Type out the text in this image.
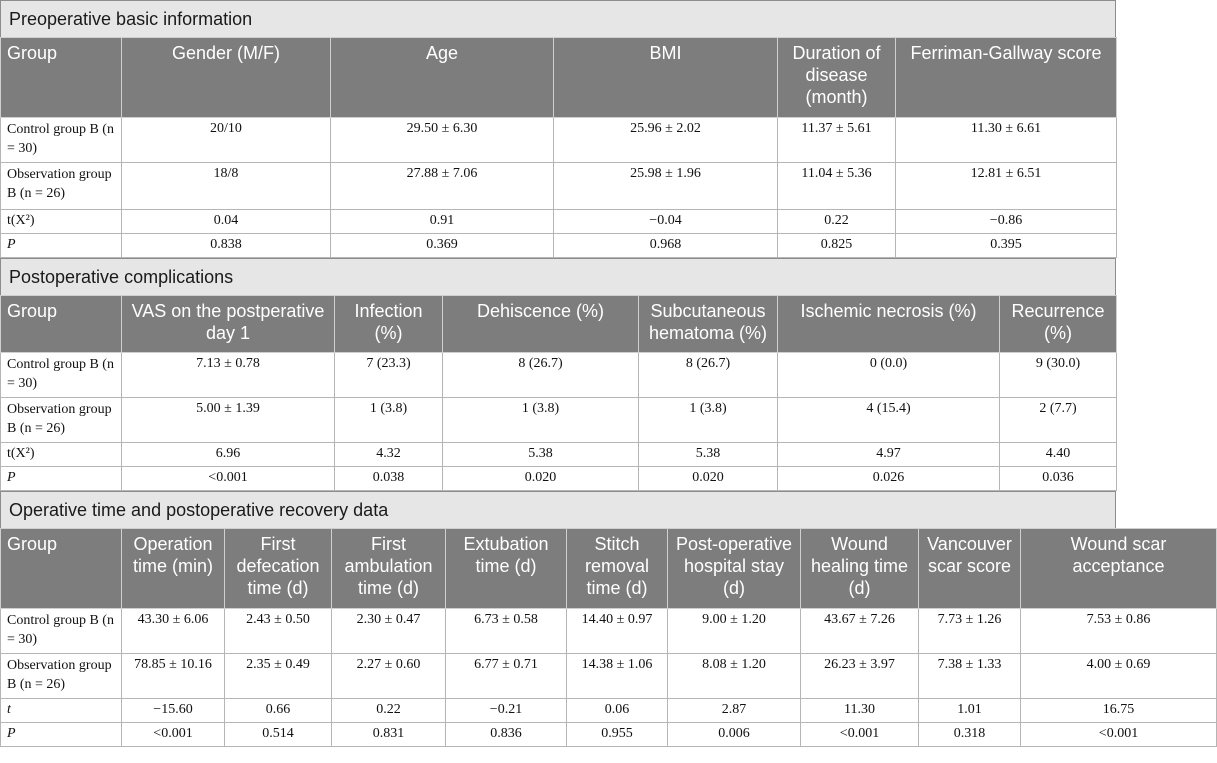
Preoperative basic information
Group	Gender (M/F)	Age	BMI	Duration of disease (month)	Ferriman-Gallway score
Control group B (n = 30)	20/10	29.50 ± 6.30	25.96 ± 2.02	11.37 ± 5.61	11.30 ± 6.61
Observation group B (n = 26)	18/8	27.88 ± 7.06	25.98 ± 1.96	11.04 ± 5.36	12.81 ± 6.51
t(X²)	0.04	0.91	−0.04	0.22	−0.86
P	0.838	0.369	0.968	0.825	0.395
Postoperative complications
Group	VAS on the postperative day 1	Infection (%)	Dehiscence (%)	Subcutaneous hematoma (%)	Ischemic necrosis (%)	Recurrence (%)
Control group B (n = 30)	7.13 ± 0.78	7 (23.3)	8 (26.7)	8 (26.7)	0 (0.0)	9 (30.0)
Observation group B (n = 26)	5.00 ± 1.39	1 (3.8)	1 (3.8)	1 (3.8)	4 (15.4)	2 (7.7)
t(X²)	6.96	4.32	5.38	5.38	4.97	4.40
P	<0.001	0.038	0.020	0.020	0.026	0.036
Operative time and postoperative recovery data
Group	Operation time (min)	First defecation time (d)	First ambulation time (d)	Extubation time (d)	Stitch removal time (d)	Post-operative hospital stay (d)	Wound healing time (d)	Vancouver scar score	Wound scar acceptance
Control group B (n = 30)	43.30 ± 6.06	2.43 ± 0.50	2.30 ± 0.47	6.73 ± 0.58	14.40 ± 0.97	9.00 ± 1.20	43.67 ± 7.26	7.73 ± 1.26	7.53 ± 0.86
Observation group B (n = 26)	78.85 ± 10.16	2.35 ± 0.49	2.27 ± 0.60	6.77 ± 0.71	14.38 ± 1.06	8.08 ± 1.20	26.23 ± 3.97	7.38 ± 1.33	4.00 ± 0.69
t	−15.60	0.66	0.22	−0.21	0.06	2.87	11.30	1.01	16.75
P	<0.001	0.514	0.831	0.836	0.955	0.006	<0.001	0.318	<0.001
